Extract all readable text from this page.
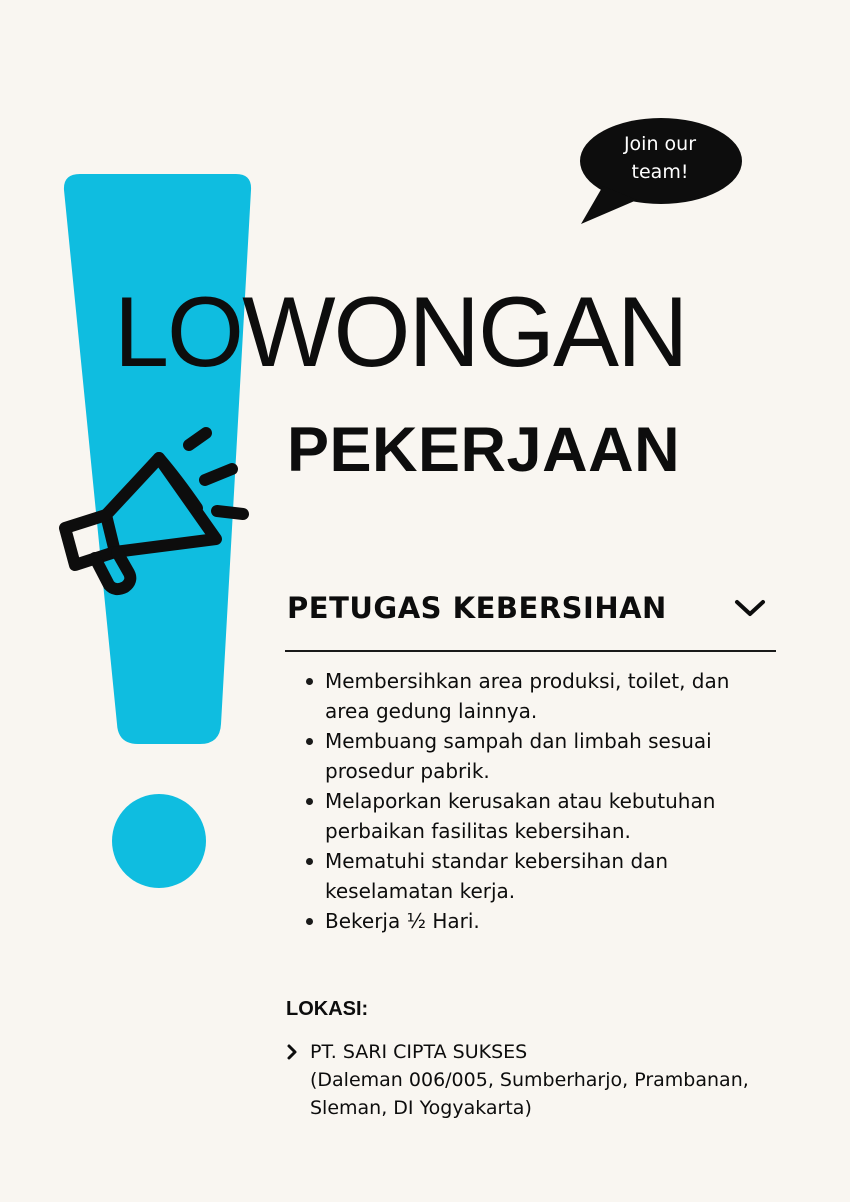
Join our
team!
LOWONGAN
PEKERJAAN
PETUGAS KEBERSIHAN
Membersihkan area produksi, toilet, dan
area gedung lainnya.
Membuang sampah dan limbah sesuai
prosedur pabrik.
Melaporkan kerusakan atau kebutuhan
perbaikan fasilitas kebersihan.
Mematuhi standar kebersihan dan
keselamatan kerja.
Bekerja ½ Hari.

LOKASI:

PT. SARI CIPTA SUKSES
(Daleman 006/005, Sumberharjo, Prambanan,
Sleman, DI Yogyakarta)
